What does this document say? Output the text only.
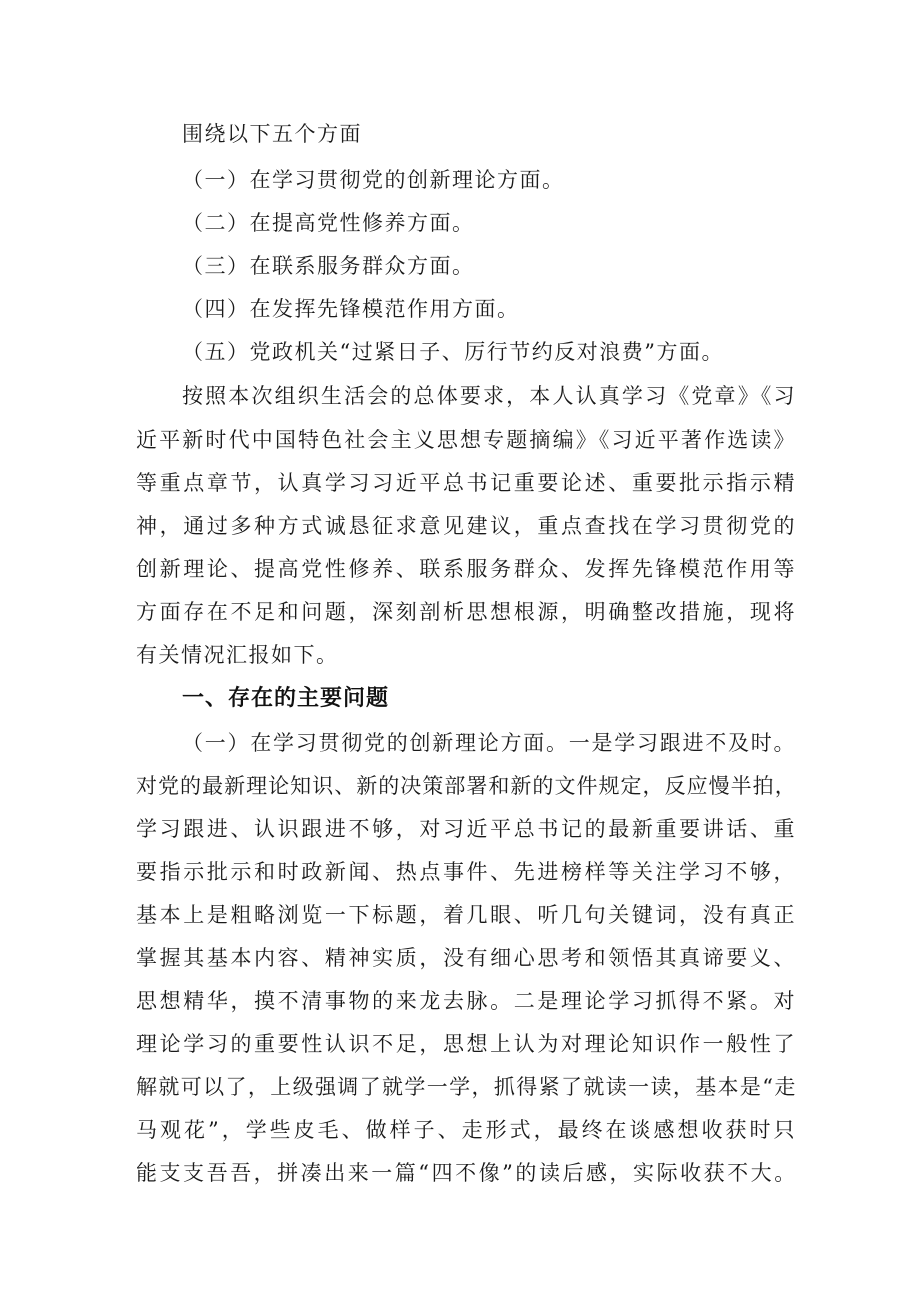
围绕以下五个方面

（一）在学习贯彻党的创新理论方面。

（二）在提高党性修养方面。

（三）在联系服务群众方面。

（四）在发挥先锋模范作用方面。

（五）党政机关“过紧日子、厉行节约反对浪费”方面。

按照本次组织生活会的总体要求，本人认真学习《党章》《习

近平新时代中国特色社会主义思想专题摘编》《习近平著作选读》

等重点章节，认真学习习近平总书记重要论述、重要批示指示精

神，通过多种方式诚恳征求意见建议，重点查找在学习贯彻党的

创新理论、提高党性修养、联系服务群众、发挥先锋模范作用等

方面存在不足和问题，深刻剖析思想根源，明确整改措施，现将

有关情况汇报如下。

一、存在的主要问题

（一）在学习贯彻党的创新理论方面。一是学习跟进不及时。

对党的最新理论知识、新的决策部署和新的文件规定，反应慢半拍，

学习跟进、认识跟进不够，对习近平总书记的最新重要讲话、重

要指示批示和时政新闻、热点事件、先进榜样等关注学习不够，

基本上是粗略浏览一下标题，着几眼、听几句关键词，没有真正

掌握其基本内容、精神实质，没有细心思考和领悟其真谛要义、

思想精华，摸不清事物的来龙去脉。二是理论学习抓得不紧。对

理论学习的重要性认识不足，思想上认为对理论知识作一般性了

解就可以了，上级强调了就学一学，抓得紧了就读一读，基本是“走

马观花”，学些皮毛、做样子、走形式，最终在谈感想收获时只

能支支吾吾，拼凑出来一篇“四不像”的读后感，实际收获不大。
